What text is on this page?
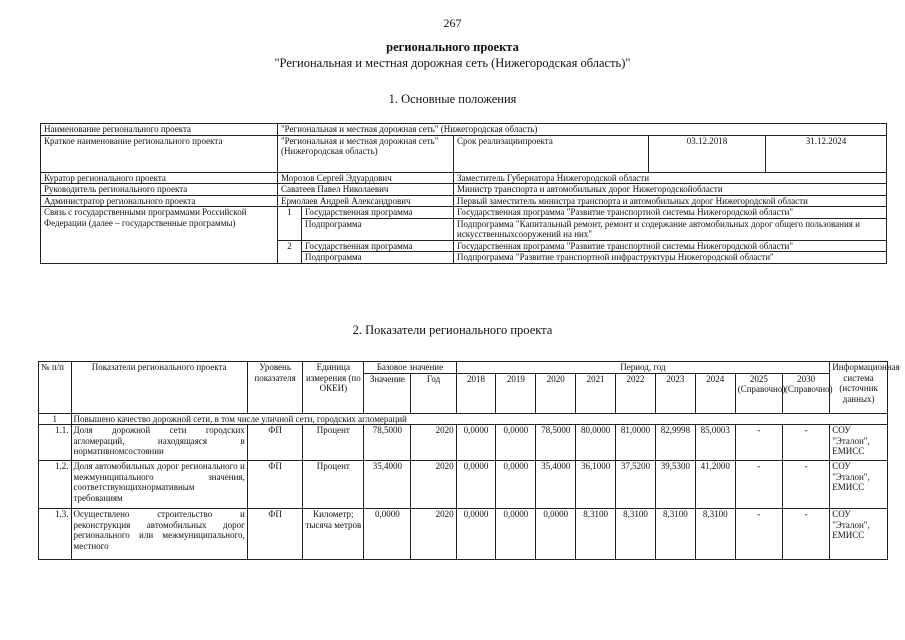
267
регионального проекта
"Региональная и местная дорожная сеть (Нижегородская область)"
1. Основные положения
Наименование регионального проекта	"Региональная и местная дорожная сеть" (Нижегородская область)				
Краткое наименование регионального проекта	"Региональная и местная дорожная сеть"(Нижегородская область)		Срок реализациипроекта	03.12.2018	31.12.2024
Куратор регионального проекта	Морозов Сергей Эдуардович		Заместитель Губернатора Нижегородской области		
Руководитель регионального проекта	Саватеев Павел Николаевич		Министр транспорта и автомобильных дорог Нижегородскойобласти		
Администратор регионального проекта	Ермолаев Андрей Александрович		Первый заместитель министра транспорта и автомобильных дорог Нижегородской области		
Связь с государственными программами Российской Федерации (далее – государственные программы)	1	Государственная программа	Государственная программа "Развитие транспортной системы Нижегородской области"		
		Подпрограмма	Подпрограмма "Капитальный ремонт, ремонт и содержание автомобильных дорог общего пользования и искусственныхсооружений на них"		
	2	Государственная программа	Государственная программа "Развитие транспортной системы Нижегородской области"		
		Подпрограмма	Подпрограмма "Развитие транспортной инфраструктуры Нижегородской области"		
2. Показатели регионального проекта
№ п/п	Показатели регионального проекта	Уровень показателя	Единица измерения (по ОКЕИ)	Базовое значение		Период, год									Информационная система (источник данных)
				Значение	Год	2018	2019	2020	2021	2022	2023	2024	2025 (Справочно)	2030 (Справочно)	
1	Повышено качество дорожной сети, в том числе уличной сети, городских агломераций														
1.1.	Доля дорожной сети городских агломераций, находящаяся в нормативномсостоянии	ФП	Процент	78,5000	2020	0,0000	0,0000	78,5000	80,0000	81,0000	82,9998	85,0003	-	-	СОУ "Эталон", ЕМИСС
1.2.	Доля автомобильных дорог регионального и межмуниципального значения, соответствующихнормативным требованиям	ФП	Процент	35,4000	2020	0,0000	0,0000	35,4000	36,1000	37,5200	39,5300	41,2000	-	-	СОУ "Эталон", ЕМИСС
1.3.	Осуществлено строительство и реконструкция автомобильных дорог регионального или межмуниципального, местного	ФП	Километр; тысяча метров	0,0000	2020	0,0000	0,0000	0,0000	8,3100	8,3100	8,3100	8,3100	-	-	СОУ "Эталон", ЕМИСС
